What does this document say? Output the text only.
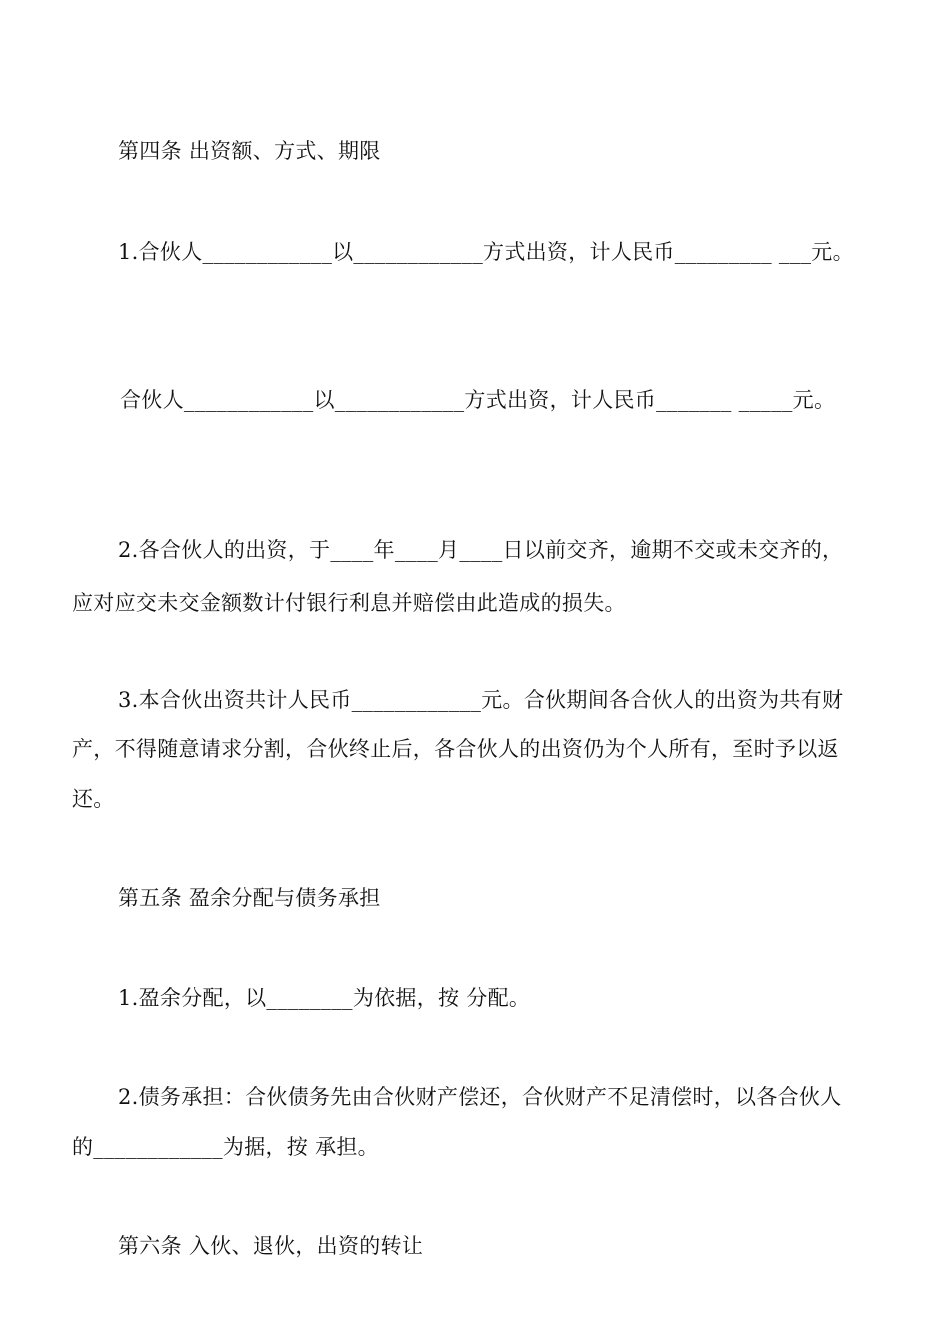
第四条 出资额、方式、期限
1.合伙人____________以____________方式出资，计人民币_________ ___元。
合伙人____________以____________方式出资，计人民币_______ _____元。
2.各合伙人的出资，于____年____月____日以前交齐，逾期不交或未交齐的，
应对应交未交金额数计付银行利息并赔偿由此造成的损失。
3.本合伙出资共计人民币____________元。合伙期间各合伙人的出资为共有财
产，不得随意请求分割，合伙终止后，各合伙人的出资仍为个人所有，至时予以返
还。
第五条 盈余分配与债务承担
1.盈余分配，以________为依据，按 分配。
2.债务承担：合伙债务先由合伙财产偿还，合伙财产不足清偿时，以各合伙人
的____________为据，按 承担。
第六条 入伙、退伙，出资的转让
